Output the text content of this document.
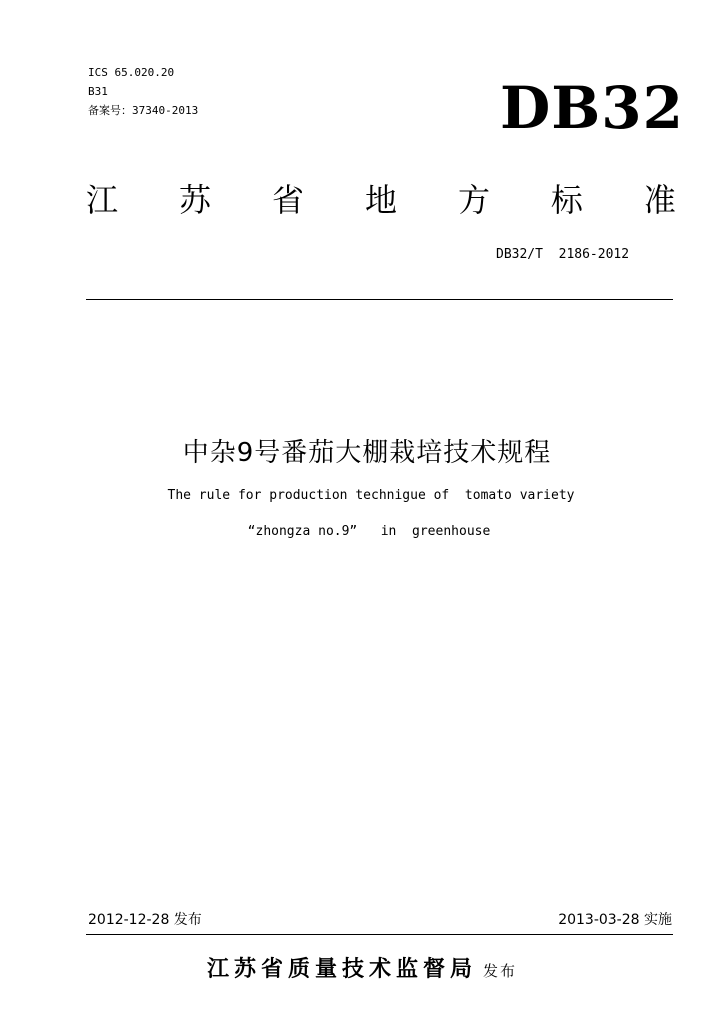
ICS 65.020.20
B31
备案号：37340-2013	DB32
江 苏 省 地 方 标 准
DB32/T  2186-2012
中杂9号番茄大棚栽培技术规程
The rule for production technigue of  tomato variety
“zhongza no.9”   in  greenhouse
2012-12-28 发布	2013-03-28 实施
江苏省质量技术监督局 发布
